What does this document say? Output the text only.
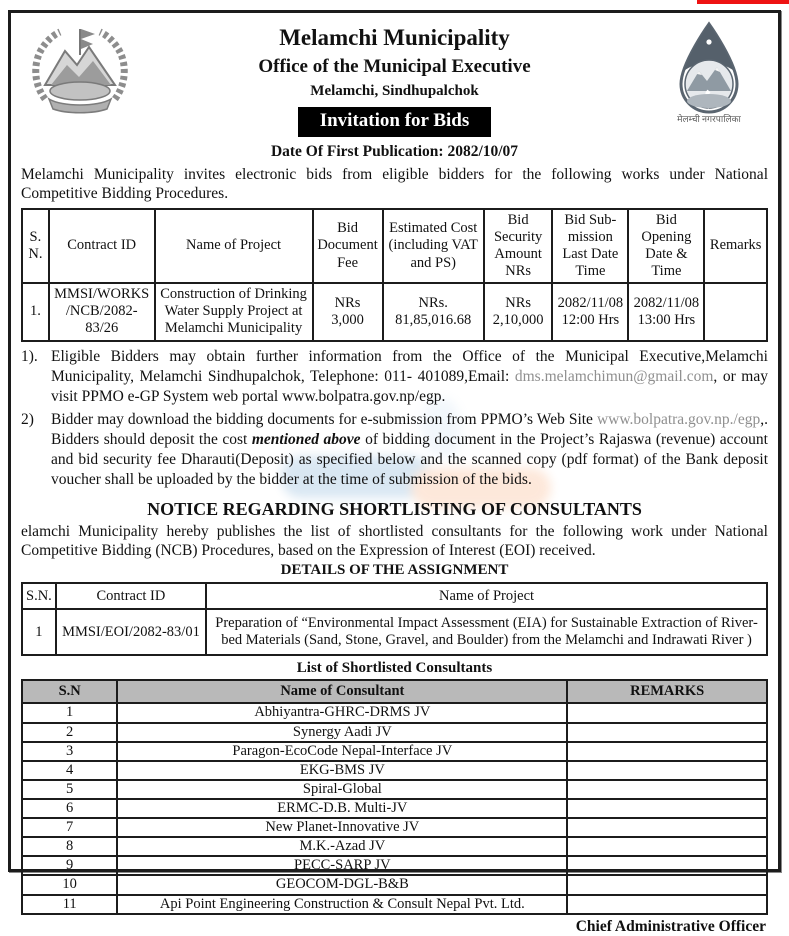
Melamchi Municipality
Office of the Municipal Executive
Melamchi, Sindhupalchok
Invitation for Bids
Date Of First Publication: 2082/10/07
मेलम्ची नगरपालिका
Melamchi Municipality invites electronic bids from eligible bidders for the following works under National Competitive Bidding Procedures.
S. N.	Contract ID	Name of Project	Bid Document Fee	Estimated Cost (including VAT and PS)	Bid Security Amount NRs	Bid Sub-mission Last Date Time	Bid Opening Date & Time	Remarks
1.	MMSI/WORKS/NCB/2082-83/26	Construction of Drinking Water Supply Project at Melamchi Municipality	NRs 3,000	NRs. 81,85,016.68	NRs 2,10,000	2082/11/08 12:00 Hrs	2082/11/08 13:00 Hrs	
1). Eligible Bidders may obtain further information from the Office of the Municipal Executive,Melamchi Municipality, Melamchi Sindhupalchok, Telephone: 011- 401089,Email: dms.melamchimun@gmail.com, or may visit PPMO e-GP System web portal www.bolpatra.gov.np/egp.
2)	Bidder may download the bidding documents for e-submission from PPMO’s Web Site www.bolpatra.gov.np./egp,. Bidders should deposit the cost mentioned above of bidding document in the Project’s Rajaswa (revenue) account and bid security fee Dharauti(Deposit) as specified below and the scanned copy (pdf format) of the Bank deposit voucher shall be uploaded by the bidder at the time of submission of the bids.
NOTICE REGARDING SHORTLISTING OF CONSULTANTS
elamchi Municipality hereby publishes the list of shortlisted consultants for the following work under National Competitive Bidding (NCB) Procedures, based on the Expression of Interest (EOI) received.
DETAILS OF THE ASSIGNMENT
S.N.	Contract ID	Name of Project
1	MMSI/EOI/2082-83/01	Preparation of “Environmental Impact Assessment (EIA) for Sustainable Extraction of River-bed Materials (Sand, Stone, Gravel, and Boulder) from the Melamchi and Indrawati River )
List of Shortlisted Consultants
S.N	Name of Consultant	REMARKS
1	Abhiyantra-GHRC-DRMS JV	
2	Synergy Aadi JV	
3	Paragon-EcoCode Nepal-Interface JV	
4	EKG-BMS JV	
5	Spiral-Global	
6	ERMC-D.B. Multi-JV	
7	New Planet-Innovative JV	
8	M.K.-Azad JV	
9	PECC-SARP JV	
10	GEOCOM-DGL-B&B	
11	Api Point Engineering Construction & Consult Nepal Pvt. Ltd.	
Chief Administrative Officer
